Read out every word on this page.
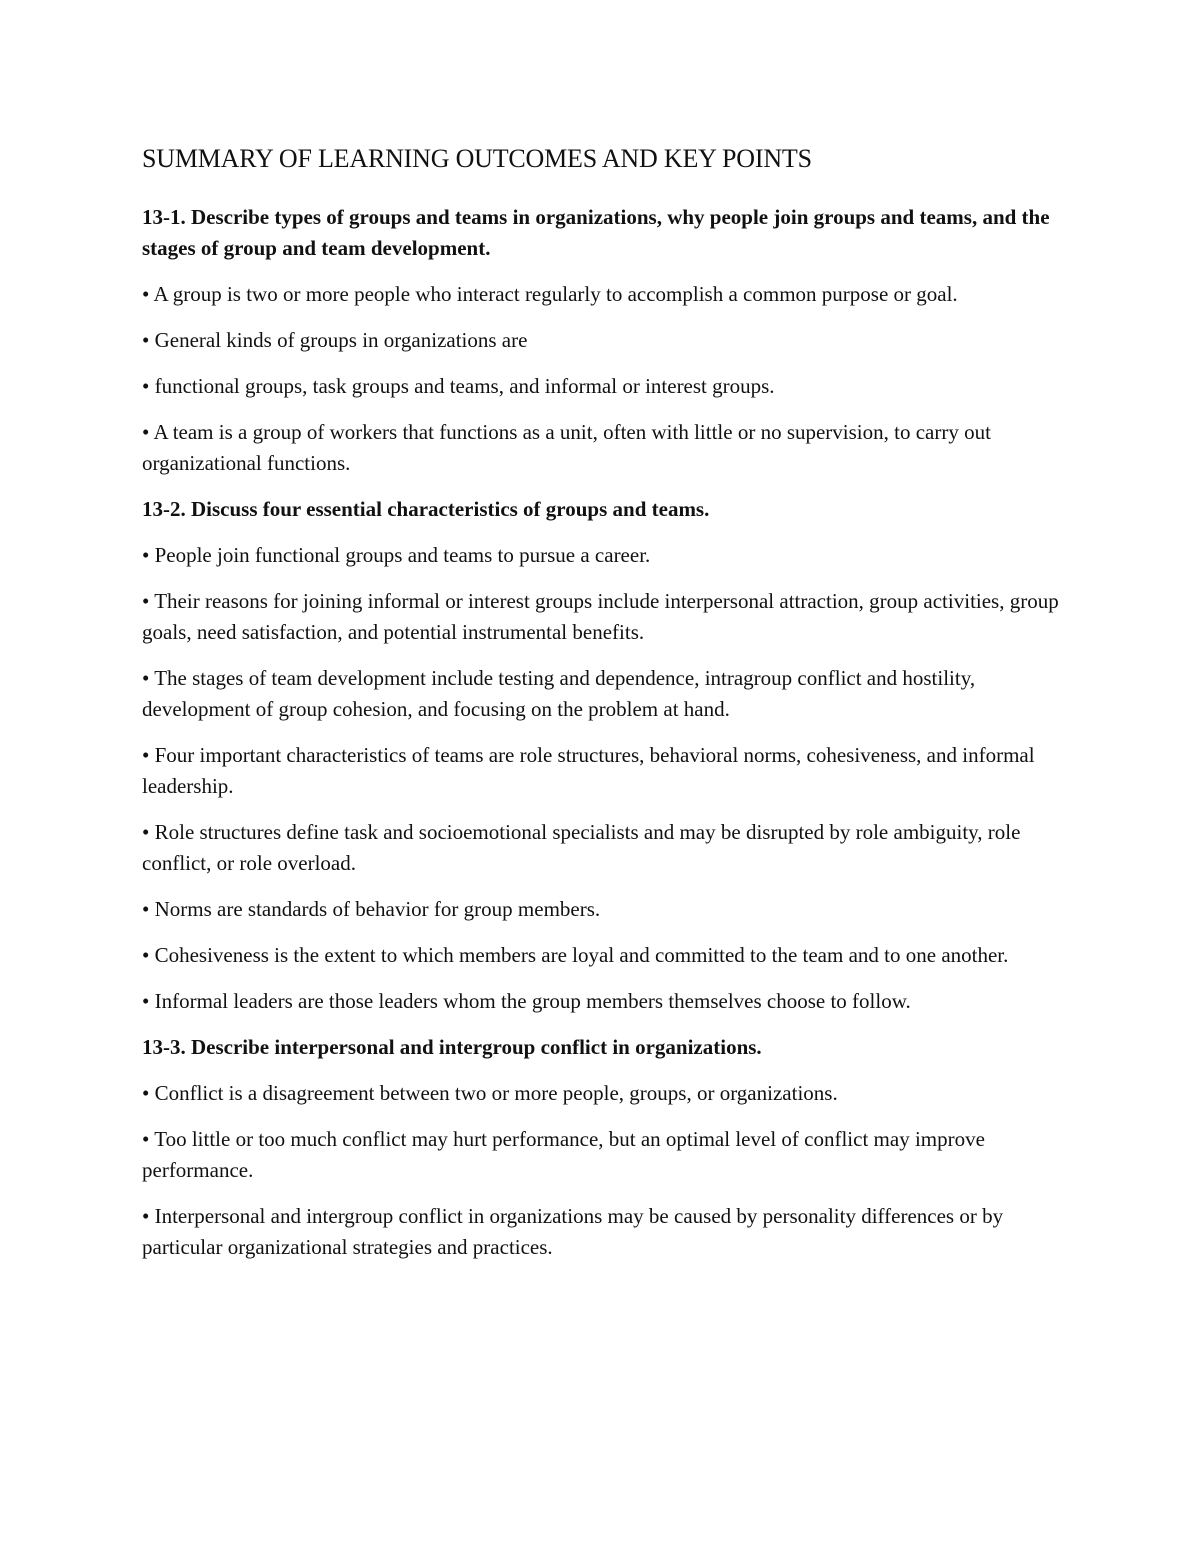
SUMMARY OF LEARNING OUTCOMES AND KEY POINTS

13-1. Describe types of groups and teams in organizations, why people join groups and teams, and the stages of group and team development.

• A group is two or more people who interact regularly to accomplish a common purpose or goal.

• General kinds of groups in organizations are

• functional groups, task groups and teams, and informal or interest groups.

• A team is a group of workers that functions as a unit, often with little or no supervision, to carry out organizational functions.

13-2. Discuss four essential characteristics of groups and teams.

• People join functional groups and teams to pursue a career.

• Their reasons for joining informal or interest groups include interpersonal attraction, group activities, group goals, need satisfaction, and potential instrumental benefits.

• The stages of team development include testing and dependence, intragroup conflict and hostility, development of group cohesion, and focusing on the problem at hand.

• Four important characteristics of teams are role structures, behavioral norms, cohesiveness, and informal leadership.

• Role structures define task and socioemotional specialists and may be disrupted by role ambiguity, role conflict, or role overload.

• Norms are standards of behavior for group members.

• Cohesiveness is the extent to which members are loyal and committed to the team and to one another.

• Informal leaders are those leaders whom the group members themselves choose to follow.

13-3. Describe interpersonal and intergroup conflict in organizations.

• Conflict is a disagreement between two or more people, groups, or organizations.

• Too little or too much conflict may hurt performance, but an optimal level of conflict may improve performance.

• Interpersonal and intergroup conflict in organizations may be caused by personality differences or by particular organizational strategies and practices.
